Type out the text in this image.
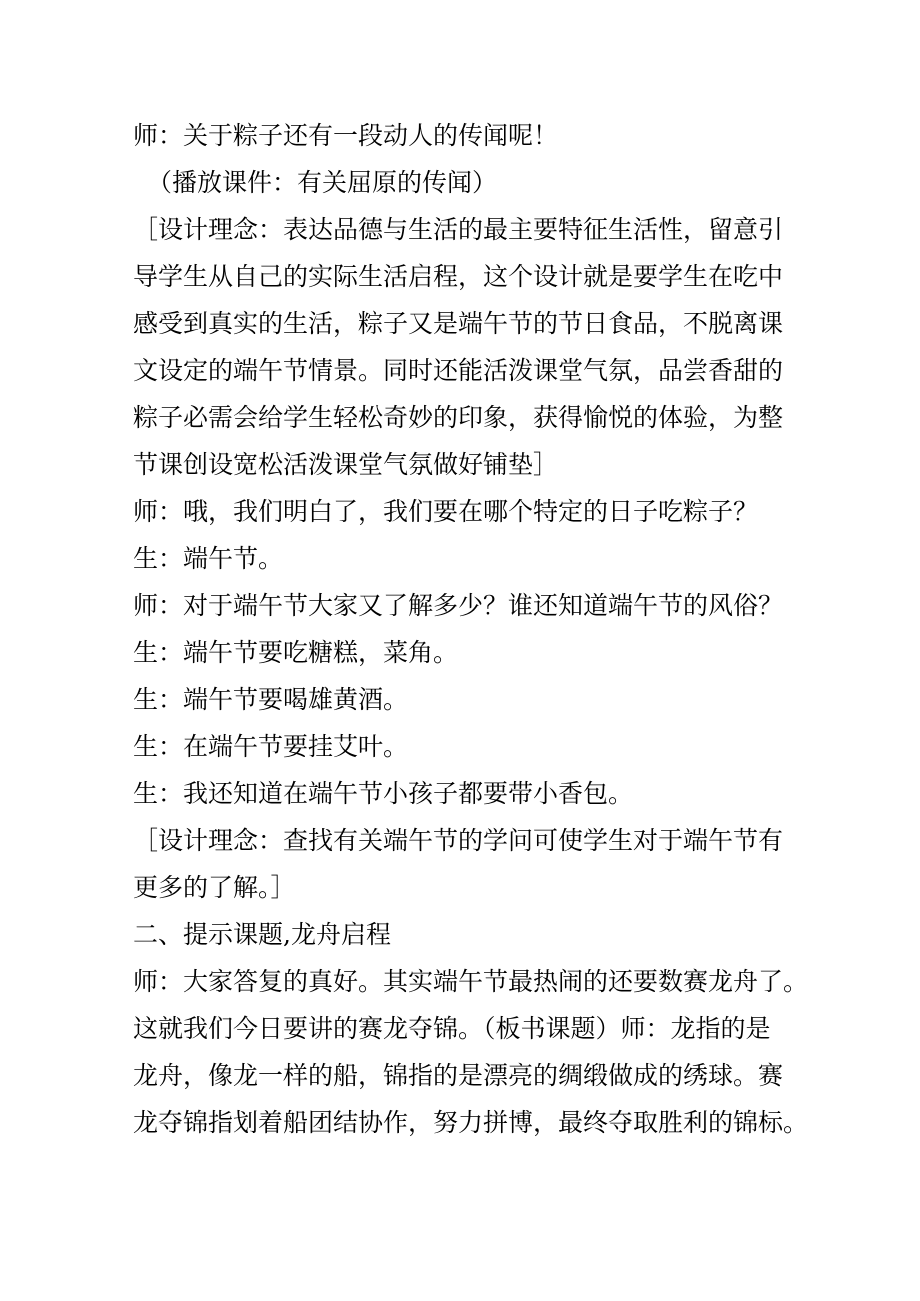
师：关于粽子还有一段动人的传闻呢！
（播放课件：有关屈原的传闻）
［设计理念：表达品德与生活的最主要特征生活性，留意引
导学生从自己的实际生活启程，这个设计就是要学生在吃中
感受到真实的生活，粽子又是端午节的节日食品，不脱离课
文设定的端午节情景。同时还能活泼课堂气氛，品尝香甜的
粽子必需会给学生轻松奇妙的印象，获得愉悦的体验，为整
节课创设宽松活泼课堂气氛做好铺垫］
师：哦，我们明白了，我们要在哪个特定的日子吃粽子？
生：端午节。
师：对于端午节大家又了解多少？谁还知道端午节的风俗？
生：端午节要吃糖糕，菜角。
生：端午节要喝雄黄酒。
生：在端午节要挂艾叶。
生：我还知道在端午节小孩子都要带小香包。
［设计理念：查找有关端午节的学问可使学生对于端午节有
更多的了解。］
二、提示课题,龙舟启程
师：大家答复的真好。其实端午节最热闹的还要数赛龙舟了。
这就我们今日要讲的赛龙夺锦。（板书课题）师：龙指的是
龙舟，像龙一样的船，锦指的是漂亮的绸缎做成的绣球。赛
龙夺锦指划着船团结协作，努力拼博，最终夺取胜利的锦标。
